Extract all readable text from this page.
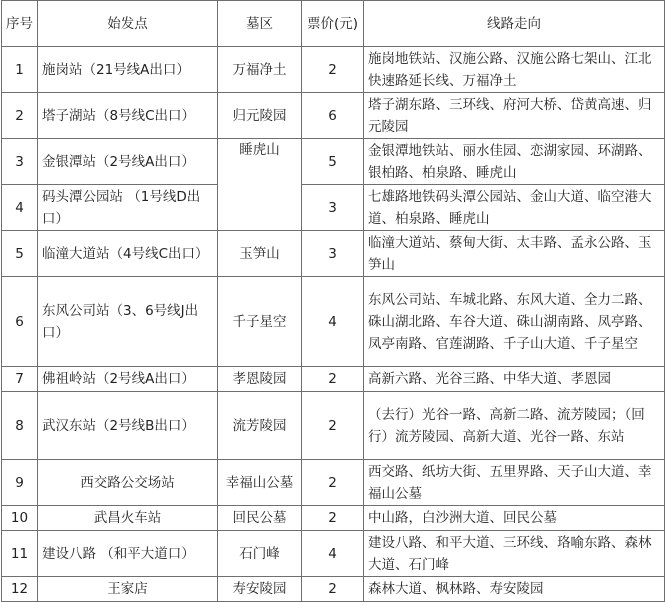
序号	始发点	墓区	票价(元)	线路走向
1	施岗站（21号线A出口）	万福净土	2	施岗地铁站、汉施公路、汉施公路七架山、江北快速路延长线、万福净土
2	塔子湖站（8号线C出口）	归元陵园	6	塔子湖东路、三环线、府河大桥、岱黄高速、归元陵园
3	金银潭站（2号线A出口）	睡虎山	5	金银潭地铁站、丽水佳园、恋湖家园、环湖路、银柏路、柏泉路、睡虎山
4	码头潭公园站 （1号线D出口）		3	七雄路地铁码头潭公园站、金山大道、临空港大道、柏泉路、睡虎山
5	临潼大道站（4号线C出口）	玉笋山	3	临潼大道站、蔡甸大街、太丰路、孟永公路、玉笋山
6	东风公司站（3、6号线J出口）	千子星空	4	东风公司站、车城北路、东风大道、全力二路、硃山湖北路、车谷大道、硃山湖南路、凤亭路、凤亭南路、官莲湖路、千子山大道、千子星空
7	佛祖岭站（2号线A出口）	孝恩陵园	2	高新六路、光谷三路、中华大道、孝恩园
8	武汉东站（2号线B出口）	流芳陵园	2	（去行）光谷一路、高新二路、流芳陵园；（回行）流芳陵园、高新大道、光谷一路、东站
9	西交路公交场站	幸福山公墓	2	西交路、纸坊大街、五里界路、天子山大道、幸福山公墓
10	武昌火车站	回民公墓	2	中山路，白沙洲大道、回民公墓
11	建设八路 （和平大道口）	石门峰	4	建设八路、和平大道、三环线、珞喻东路、森林大道、石门峰
12	王家店	寿安陵园	2	森林大道、枫林路、寿安陵园
